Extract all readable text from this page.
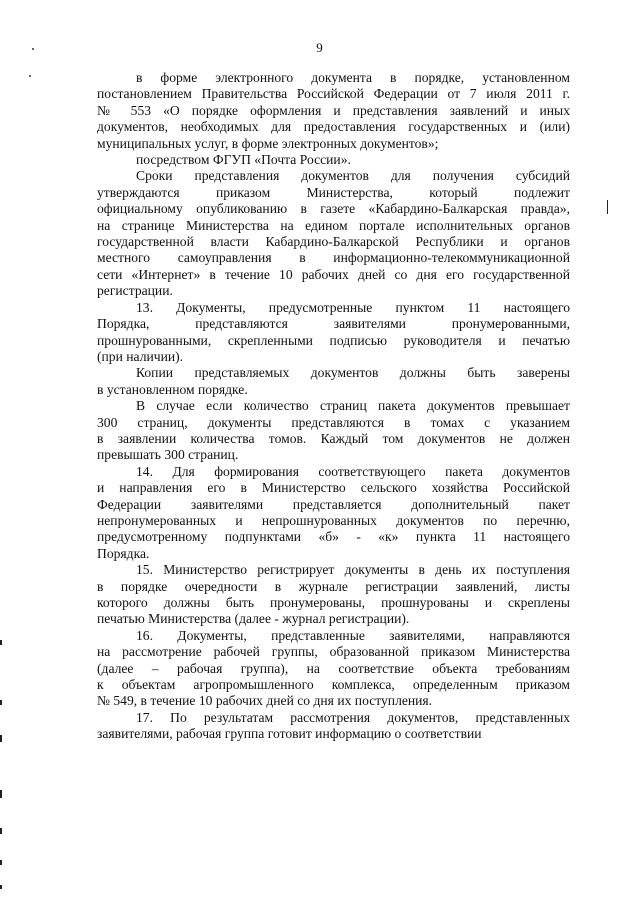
9

в форме электронного документа в порядке, установленном
постановлением Правительства Российской Федерации от 7 июля 2011 г.
№ 553 «О порядке оформления и представления заявлений и иных
документов, необходимых для предоставления государственных и (или)
муниципальных услуг, в форме электронных документов»;

посредством ФГУП «Почта России».

Сроки представления документов для получения субсидий
утверждаются приказом Министерства, который подлежит
официальному опубликованию в газете «Кабардино-Балкарская правда»,
на странице Министерства на едином портале исполнительных органов
государственной власти Кабардино-Балкарской Республики и органов
местного самоуправления в информационно-телекоммуникационной
сети «Интернет» в течение 10 рабочих дней со дня его государственной
регистрации.

13. Документы, предусмотренные пунктом 11 настоящего
Порядка, представляются заявителями пронумерованными,
прошнурованными, скрепленными подписью руководителя и печатью
(при наличии).

Копии представляемых документов должны быть заверены
в установленном порядке.

В случае если количество страниц пакета документов превышает
300 страниц, документы представляются в томах с указанием
в заявлении количества томов. Каждый том документов не должен
превышать 300 страниц.

14. Для формирования соответствующего пакета документов
и направления его в Министерство сельского хозяйства Российской
Федерации заявителями представляется дополнительный пакет
непронумерованных и непрошнурованных документов по перечню,
предусмотренному подпунктами «б» - «к» пункта 11 настоящего
Порядка.

15. Министерство регистрирует документы в день их поступления
в порядке очередности в журнале регистрации заявлений, листы
которого должны быть пронумерованы, прошнурованы и скреплены
печатью Министерства (далее - журнал регистрации).

16. Документы, представленные заявителями, направляются
на рассмотрение рабочей группы, образованной приказом Министерства
(далее – рабочая группа), на соответствие объекта требованиям
к объектам агропромышленного комплекса, определенным приказом
№ 549, в течение 10 рабочих дней со дня их поступления.

17. По результатам рассмотрения документов, представленных
заявителями, рабочая группа готовит информацию о соответствии
